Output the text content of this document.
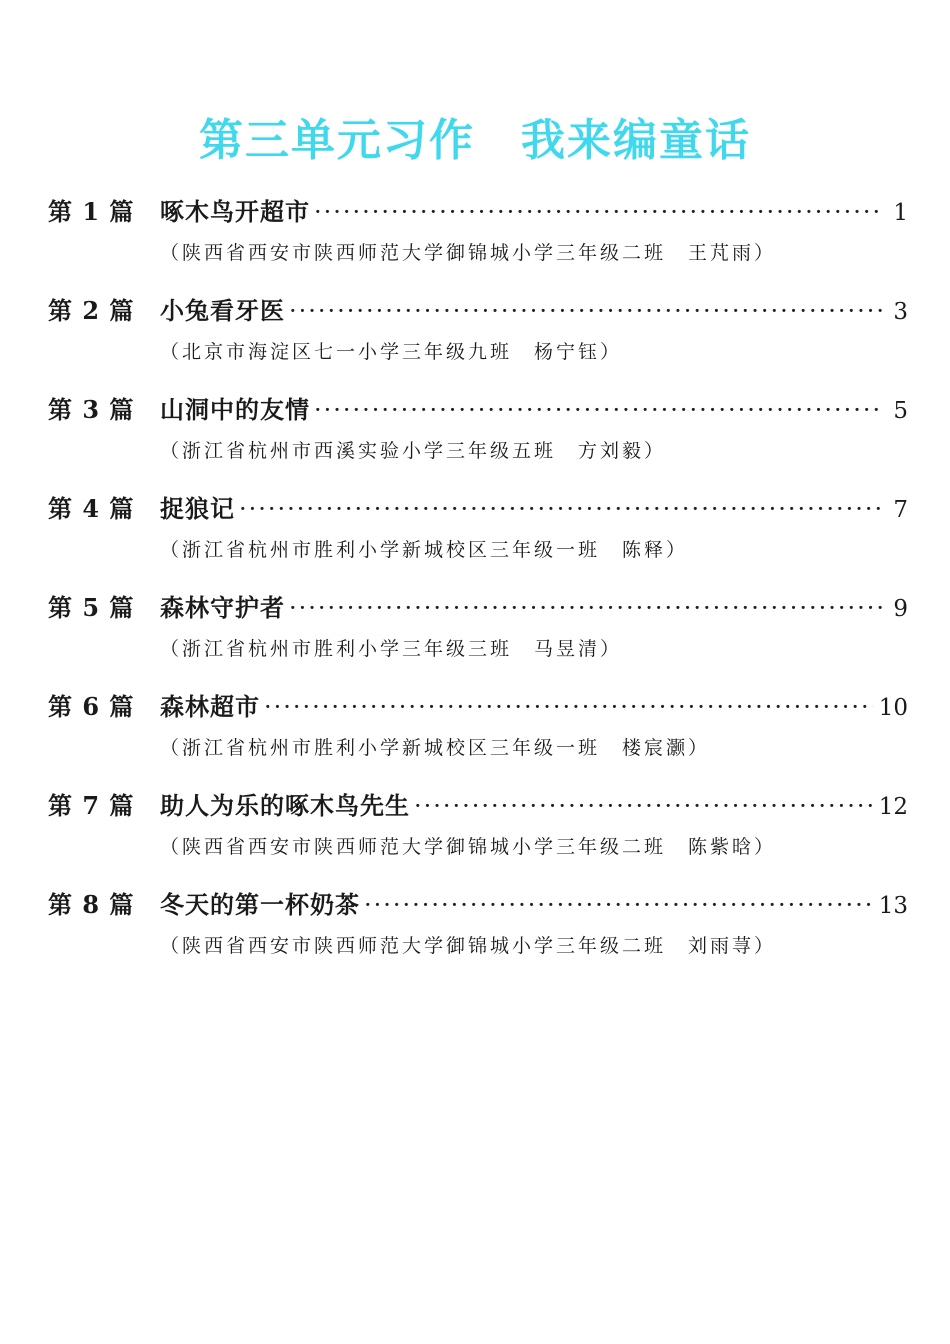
第三单元习作　我来编童话
第 1 篇	啄木鸟开超市 ·····	1
（陕西省西安市陕西师范大学御锦城小学三年级二班　王芃雨）
第 2 篇	小兔看牙医 ·····	3
（北京市海淀区七一小学三年级九班　杨宁钰）
第 3 篇	山洞中的友情 ·····	5
（浙江省杭州市西溪实验小学三年级五班　方刘毅）
第 4 篇	捉狼记 ·····	7
（浙江省杭州市胜利小学新城校区三年级一班　陈释）
第 5 篇	森林守护者 ·····	9
（浙江省杭州市胜利小学三年级三班　马昱清）
第 6 篇	森林超市 ·····	10
（浙江省杭州市胜利小学新城校区三年级一班　楼宸灏）
第 7 篇	助人为乐的啄木鸟先生 ·····	12
（陕西省西安市陕西师范大学御锦城小学三年级二班　陈紫晗）
第 8 篇	冬天的第一杯奶茶 ·····	13
（陕西省西安市陕西师范大学御锦城小学三年级二班　刘雨荨）
